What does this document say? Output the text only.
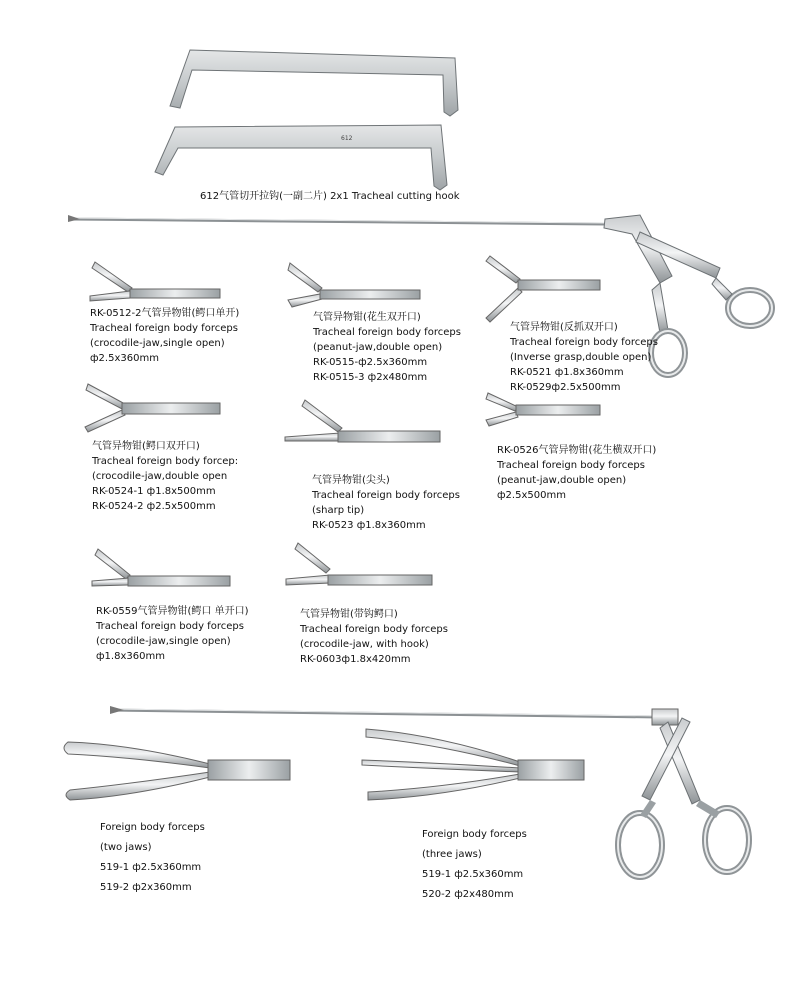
612
612气管切开拉钩(一副二片) 2x1 Tracheal cutting hook
RK-0512-2气管异物钳(鳄口单开)
Tracheal foreign body forceps
(crocodile-jaw,single open)
ф2.5x360mm
气管异物钳(花生双开口)
Tracheal foreign body forceps
(peanut-jaw,double open)
RK-0515-ф2.5x360mm
RK-0515-3 ф2x480mm
气管异物钳(反抓双开口)
Tracheal foreign body forceps
(Inverse grasp,double open)
RK-0521 ф1.8x360mm
RK-0529ф2.5x500mm
气管异物钳(鳄口双开口)
Tracheal foreign body forcep:
(crocodile-jaw,double open
RK-0524-1 ф1.8x500mm
RK-0524-2 ф2.5x500mm
气管异物钳(尖头)
Tracheal foreign body forceps
(sharp tip)
RK-0523 ф1.8x360mm
RK-0526气管异物钳(花生横双开口)
Tracheal foreign body forceps
(peanut-jaw,double open)
ф2.5x500mm
RK-0559气管异物钳(鳄口 单开口)
Tracheal foreign body forceps
(crocodile-jaw,single open)
ф1.8x360mm
气管异物钳(带钩鳄口)
Tracheal foreign body forceps
(crocodile-jaw, with hook)
RK-0603ф1.8x420mm
Foreign body forceps
(two jaws)
519-1 ф2.5x360mm
519-2 ф2x360mm
Foreign body forceps
(three jaws)
519-1 ф2.5x360mm
520-2 ф2x480mm
